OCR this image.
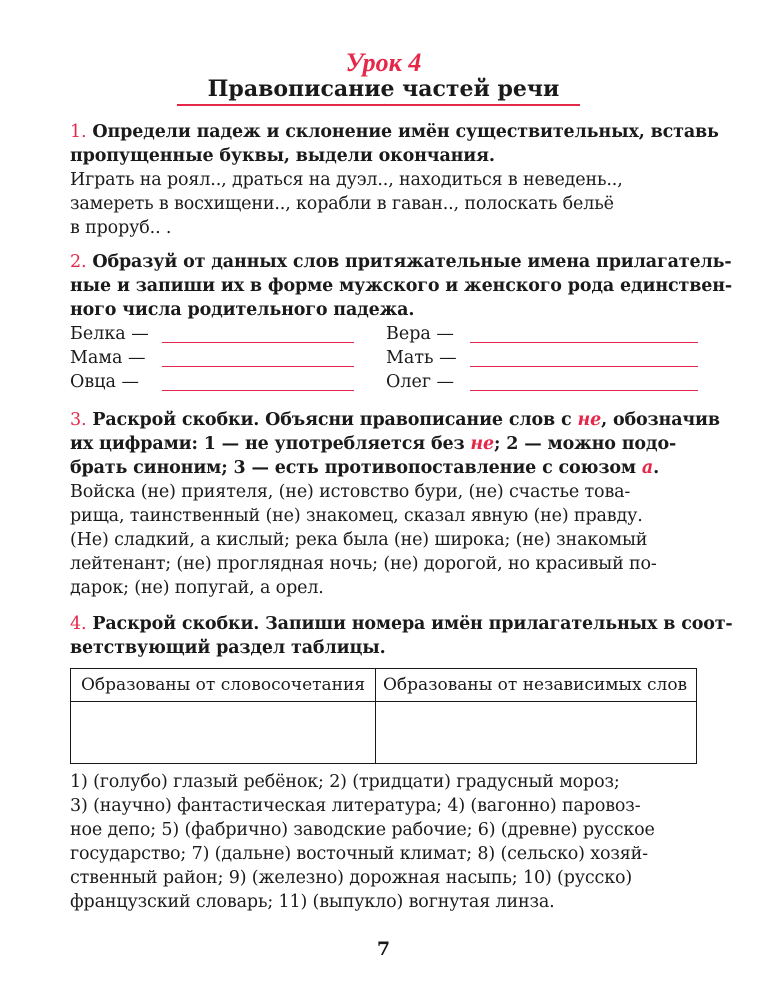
Урок 4
Правописание частей речи
1. Определи падеж и склонение имён существительных, вставь
пропущенные буквы, выдели окончания.
Играть на роял.., драться на дуэл.., находиться в неведень..,
замереть в восхищени.., корабли в гаван.., полоскать бельё
в проруб.. .
2. Образуй от данных слов притяжательные имена прилагатель-
ные и запиши их в форме мужского и женского рода единствен-
ного числа родительного падежа.
Белка —	Вера —
Мама —	Мать —
Овца —	Олег —
3. Раскрой скобки. Объясни правописание слов с не, обозначив
их цифрами: 1 — не употребляется без не; 2 — можно подо-
брать синоним; 3 — есть противопоставление с союзом а.
Войска (не) приятеля, (не) истовство бури, (не) счастье това-
рища, таинственный (не) знакомец, сказал явную (не) правду.
(Не) сладкий, а кислый; река была (не) широка; (не) знакомый
лейтенант; (не) проглядная ночь; (не) дорогой, но красивый по-
дарок; (не) попугай, а орел.
4. Раскрой скобки. Запиши номера имён прилагательных в соот-
ветствующий раздел таблицы.
Образованы от словосочетания Образованы от независимых слов
1) (голубо) глазый ребёнок; 2) (тридцати) градусный мороз;
3) (научно) фантастическая литература; 4) (вагонно) паровоз-
ное депо; 5) (фабрично) заводские рабочие; 6) (древне) русское
государство; 7) (дальне) восточный климат; 8) (сельско) хозяй-
ственный район; 9) (железно) дорожная насыпь; 10) (русско)
французский словарь; 11) (выпукло) вогнутая линза.
7
